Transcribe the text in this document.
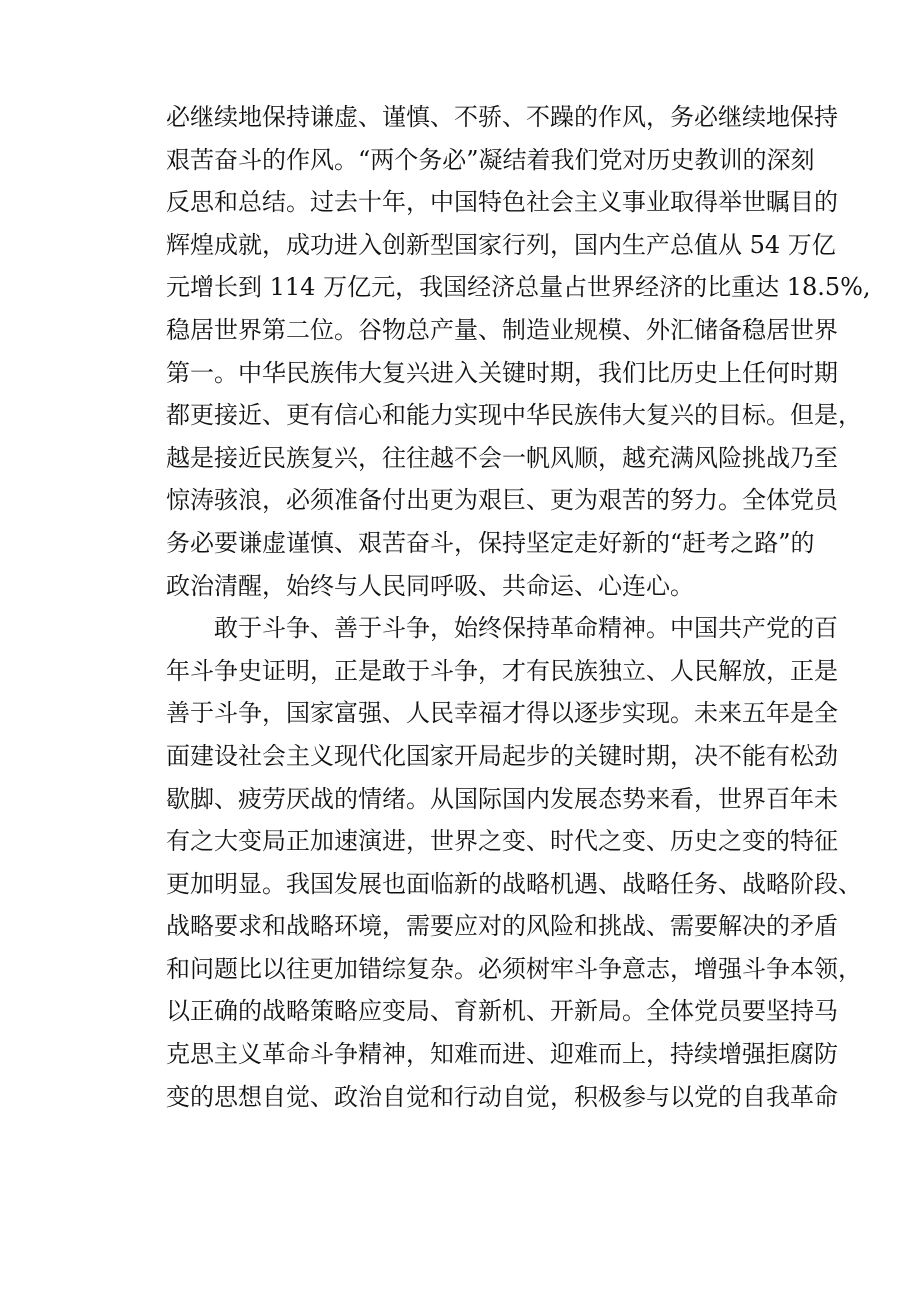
必继续地保持谦虚、谨慎、不骄、不躁的作风，务必继续地保持
艰苦奋斗的作风。“两个务必”凝结着我们党对历史教训的深刻
反思和总结。过去十年，中国特色社会主义事业取得举世瞩目的
辉煌成就，成功进入创新型国家行列，国内生产总值从 54 万亿
元增长到 114 万亿元，我国经济总量占世界经济的比重达 18.5%,
稳居世界第二位。谷物总产量、制造业规模、外汇储备稳居世界
第一。中华民族伟大复兴进入关键时期，我们比历史上任何时期
都更接近、更有信心和能力实现中华民族伟大复兴的目标。但是，
越是接近民族复兴，往往越不会一帆风顺，越充满风险挑战乃至
惊涛骇浪，必须准备付出更为艰巨、更为艰苦的努力。全体党员
务必要谦虚谨慎、艰苦奋斗，保持坚定走好新的“赶考之路”的
政治清醒，始终与人民同呼吸、共命运、心连心。
敢于斗争、善于斗争，始终保持革命精神。中国共产党的百
年斗争史证明，正是敢于斗争，才有民族独立、人民解放，正是
善于斗争，国家富强、人民幸福才得以逐步实现。未来五年是全
面建设社会主义现代化国家开局起步的关键时期，决不能有松劲
歇脚、疲劳厌战的情绪。从国际国内发展态势来看，世界百年未
有之大变局正加速演进，世界之变、时代之变、历史之变的特征
更加明显。我国发展也面临新的战略机遇、战略任务、战略阶段、
战略要求和战略环境，需要应对的风险和挑战、需要解决的矛盾
和问题比以往更加错综复杂。必须树牢斗争意志，增强斗争本领，
以正确的战略策略应变局、育新机、开新局。全体党员要坚持马
克思主义革命斗争精神，知难而进、迎难而上，持续增强拒腐防
变的思想自觉、政治自觉和行动自觉，积极参与以党的自我革命
